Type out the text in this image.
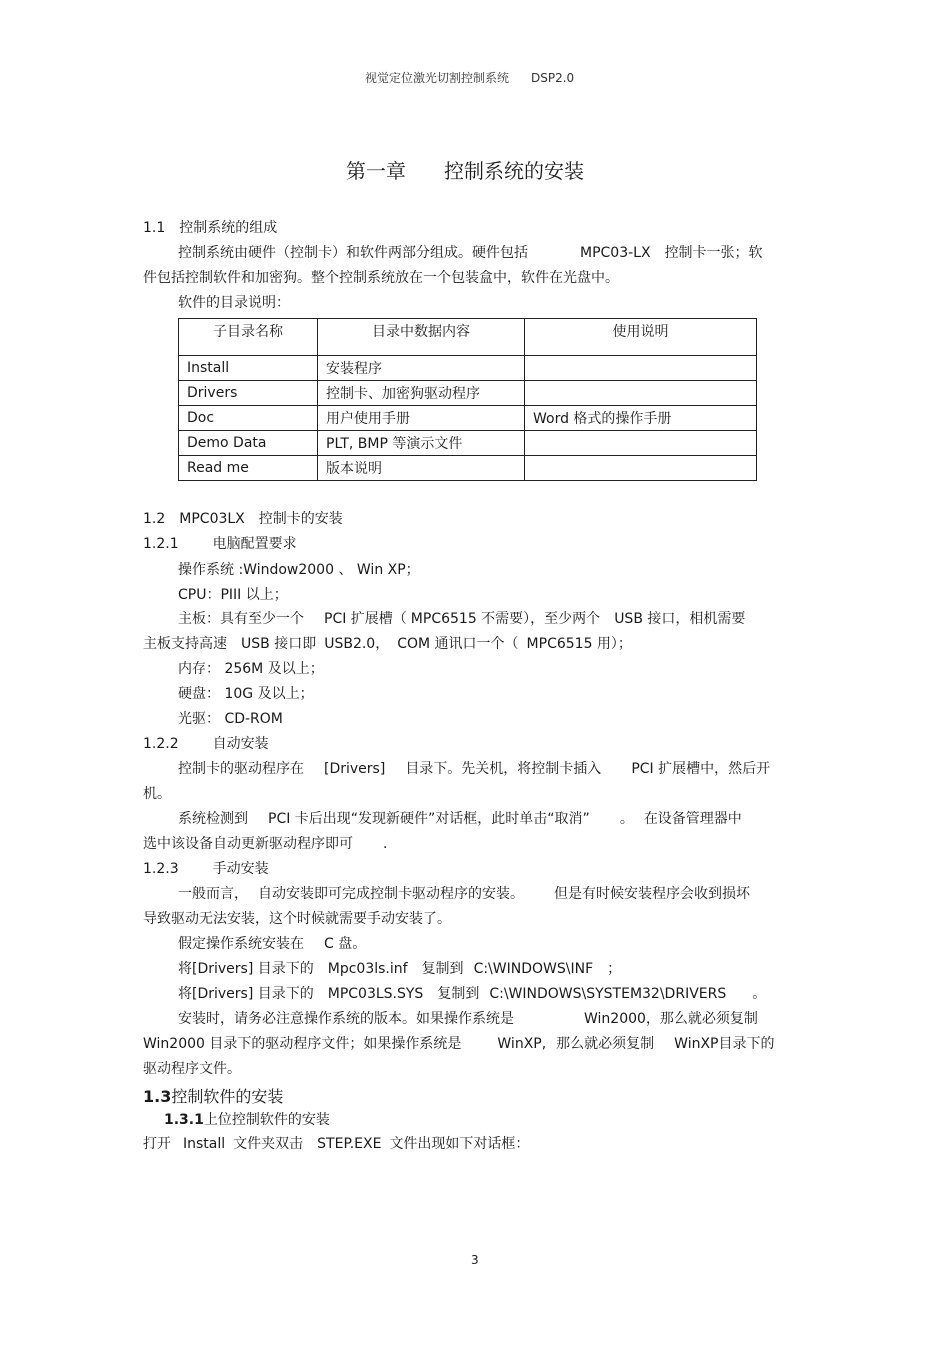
视觉定位激光切割控制系统 DSP2.0
第一章 控制系统的安装
1.1 控制系统的组成
控制系统由硬件（控制卡）和软件两部分组成。硬件包括	MPC03-LX 控制卡一张；软
件包括控制软件和加密狗。整个控制系统放在一个包装盒中，软件在光盘中。
软件的目录说明：
子目录名称	目录中数据内容	使用说明
Install	安装程序	
Drivers	控制卡、加密狗驱动程序	
Doc	用户使用手册	Word 格式的操作手册
Demo Data	PLT, BMP 等演示文件	
Read me	版本说明	
1.2 MPC03LX 控制卡的安装
1.2.1 电脑配置要求
操作系统 :Window2000 、 Win XP；
CPU：PIII 以上；
主板：具有至少一个 PCI 扩展槽（ MPC6515 不需要），至少两个 USB 接口，相机需要
主板支持高速 USB 接口即 USB2.0， COM 通讯口一个（ MPC6515 用）；
内存： 256M 及以上；
硬盘： 10G 及以上；
光驱： CD-ROM
1.2.2 自动安装
控制卡的驱动程序在 [Drivers] 目录下。先关机，将控制卡插入 PCI 扩展槽中，然后开
机。
系统检测到 PCI 卡后出现“发现新硬件”对话框，此时单击“取消” 。 在设备管理器中
选中该设备自动更新驱动程序即可 .
1.2.3 手动安装
一般而言， 自动安装即可完成控制卡驱动程序的安装。 但是有时候安装程序会收到损坏
导致驱动无法安装，这个时候就需要手动安装了。
假定操作系统安装在 C 盘。
将[Drivers] 目录下的 Mpc03ls.inf 复制到 C:\WINDOWS\INF ；
将[Drivers] 目录下的 MPC03LS.SYS 复制到 C:\WINDOWS\SYSTEM32\DRIVERS 。
安装时，请务必注意操作系统的版本。如果操作系统是	Win2000，那么就必须复制
Win2000 目录下的驱动程序文件；如果操作系统是	WinXP, 那么就必须复制 WinXP目录下的
驱动程序文件。
1.3控制软件的安装
1.3.1上位控制软件的安装
打开 Install 文件夹双击 STEP.EXE 文件出现如下对话框：
3
